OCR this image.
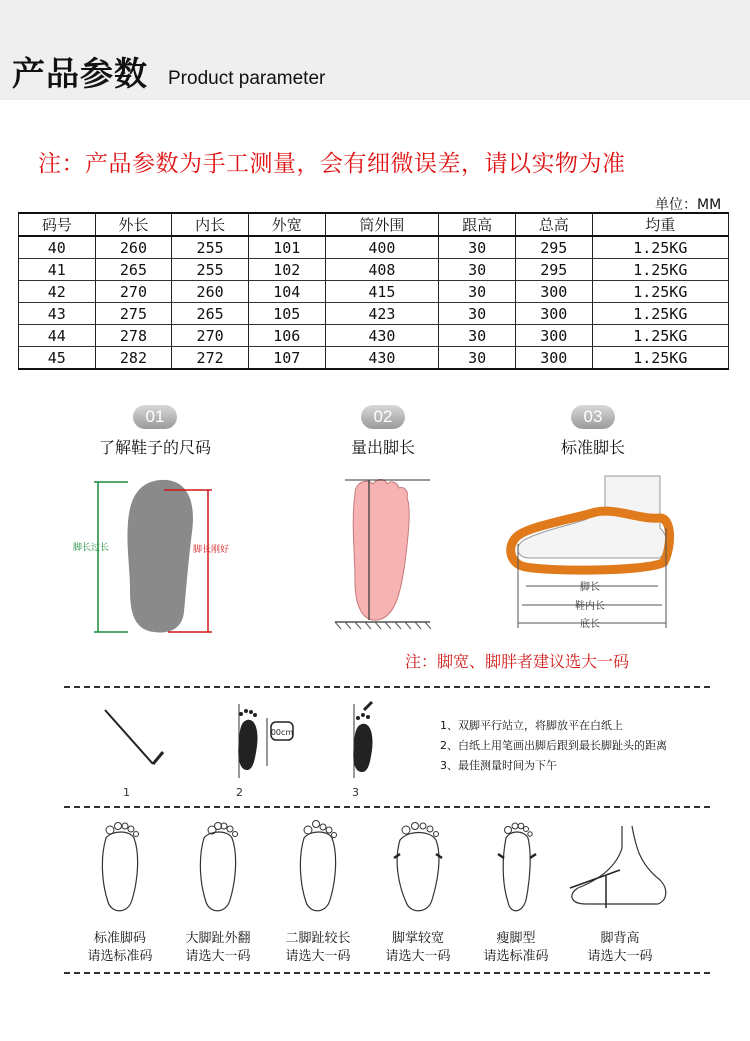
产品参数 Product parameter
注：产品参数为手工测量，会有细微误差，请以实物为准
单位：MM
码号	外长	内长	外宽	筒外围	跟高	总高	均重
40	260	255	101	400	30	295	1.25KG
41	265	255	102	408	30	295	1.25KG
42	270	260	104	415	30	300	1.25KG
43	275	265	105	423	30	300	1.25KG
44	278	270	106	430	30	300	1.25KG
45	282	272	107	430	30	300	1.25KG
01
了解鞋子的尺码
02
量出脚长
03
标准脚长
脚长过长	脚长刚好
脚长
鞋内长
底长
注：脚宽、脚胖者建议选大一码
1
00cm
2	3
1、双脚平行站立，将脚放平在白纸上
2、白纸上用笔画出脚后跟到最长脚趾头的距离
3、最佳测量时间为下午
标准脚码
请选标准码
大脚趾外翻
请选大一码
二脚趾较长
请选大一码
脚掌较宽
请选大一码
瘦脚型
请选标准码
脚背高
请选大一码
